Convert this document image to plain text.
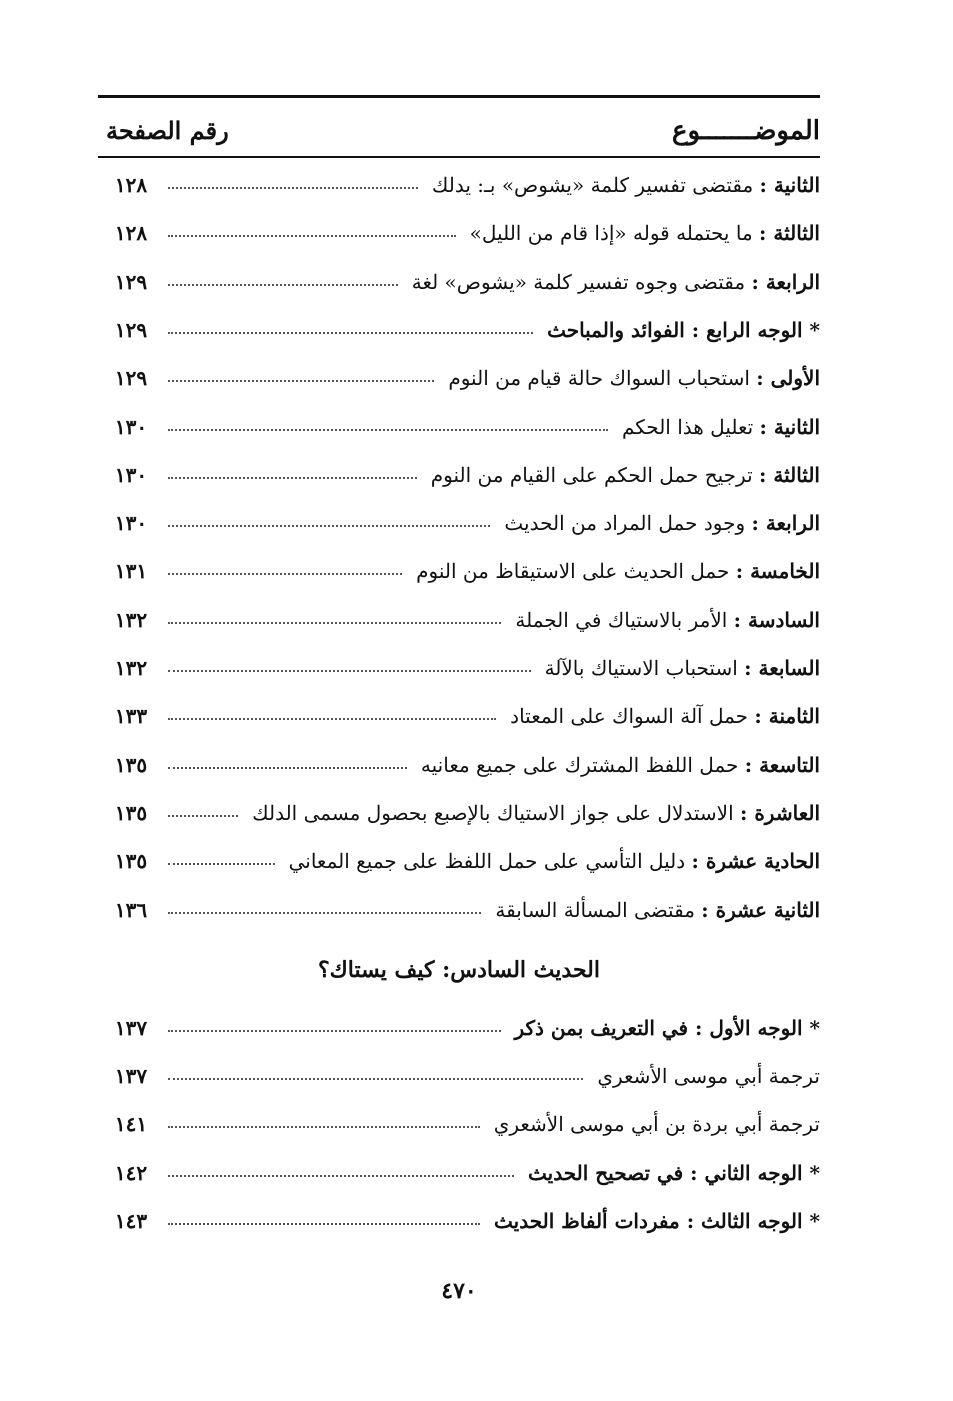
الموضـــــــوع
رقم الصفحة
الثانية : مقتضى تفسير كلمة «يشوص» بـ: يدلك
١٢٨
الثالثة : ما يحتمله قوله «إذا قام من الليل»
١٢٨
الرابعة : مقتضى وجوه تفسير كلمة «يشوص» لغة
١٢٩
* الوجه الرابع : الفوائد والمباحث
١٢٩
الأولى : استحباب السواك حالة قيام من النوم
١٢٩
الثانية : تعليل هذا الحكم
١٣٠
الثالثة : ترجيح حمل الحكم على القيام من النوم
١٣٠
الرابعة : وجود حمل المراد من الحديث
١٣٠
الخامسة : حمل الحديث على الاستيقاظ من النوم
١٣١
السادسة : الأمر بالاستياك في الجملة
١٣٢
السابعة : استحباب الاستياك بالآلة
١٣٢
الثامنة : حمل آلة السواك على المعتاد
١٣٣
التاسعة : حمل اللفظ المشترك على جميع معانيه
١٣٥
العاشرة : الاستدلال على جواز الاستياك بالإصبع بحصول مسمى الدلك
١٣٥
الحادية عشرة : دليل التأسي على حمل اللفظ على جميع المعاني
١٣٥
الثانية عشرة : مقتضى المسألة السابقة
١٣٦
* الوجه الأول : في التعريف بمن ذكر
١٣٧
ترجمة أبي موسى الأشعري
١٣٧
ترجمة أبي بردة بن أبي موسى الأشعري
١٤١
* الوجه الثاني : في تصحيح الحديث
١٤٢
* الوجه الثالث : مفردات ألفاظ الحديث
١٤٣
الحديث السادس: كيف يستاك؟
٤٧٠
